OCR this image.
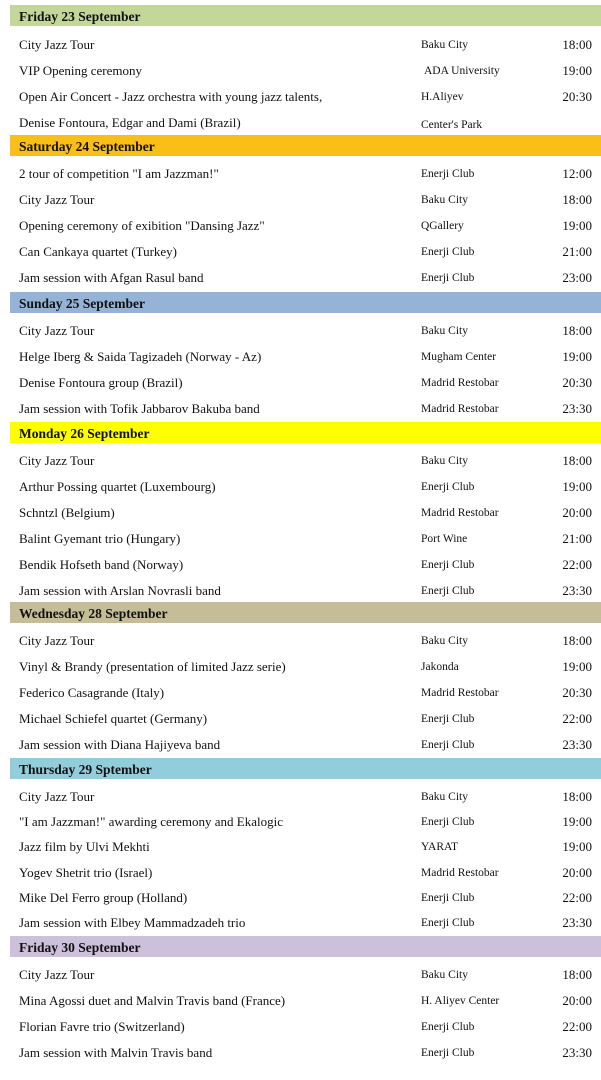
Friday 23 September
City Jazz Tour	Baku City	18:00
VIP Opening ceremony	ADA University	19:00
Open Air Concert - Jazz orchestra with young jazz talents,	H.Aliyev	20:30
Denise Fontoura, Edgar and Dami (Brazil)	Center's Park
Saturday 24 September
2 tour of competition "I am Jazzman!"	Enerji Club	12:00
City Jazz Tour	Baku City	18:00
Opening ceremony of exibition "Dansing Jazz"	QGallery	19:00
Can Cankaya quartet (Turkey)	Enerji Club	21:00
Jam session with Afgan Rasul band	Enerji Club	23:00
Sunday 25 September
City Jazz Tour	Baku City	18:00
Helge Iberg & Saida Tagizadeh (Norway - Az)	Mugham Center	19:00
Denise Fontoura group (Brazil)	Madrid Restobar	20:30
Jam session with Tofik Jabbarov Bakuba band	Madrid Restobar	23:30
Monday 26 September
City Jazz Tour	Baku City	18:00
Arthur Possing quartet (Luxembourg)	Enerji Club	19:00
Schntzl (Belgium)	Madrid Restobar	20:00
Balint Gyemant trio (Hungary)	Port Wine	21:00
Bendik Hofseth band (Norway)	Enerji Club	22:00
Jam session with Arslan Novrasli band	Enerji Club	23:30
Wednesday 28 September
City Jazz Tour	Baku City	18:00
Vinyl & Brandy (presentation of limited Jazz serie)	Jakonda	19:00
Federico Casagrande (Italy)	Madrid Restobar	20:30
Michael Schiefel quartet (Germany)	Enerji Club	22:00
Jam session with Diana Hajiyeva band	Enerji Club	23:30
Thursday 29 Sptember
City Jazz Tour	Baku City	18:00
"I am Jazzman!" awarding ceremony and Ekalogic	Enerji Club	19:00
Jazz film by Ulvi Mekhti	YARAT	19:00
Yogev Shetrit trio (Israel)	Madrid Restobar	20:00
Mike Del Ferro group (Holland)	Enerji Club	22:00
Jam session with Elbey Mammadzadeh trio	Enerji Club	23:30
Friday 30 September
City Jazz Tour	Baku City	18:00
Mina Agossi duet and Malvin Travis band (France)	H. Aliyev Center	20:00
Florian Favre trio (Switzerland)	Enerji Club	22:00
Jam session with Malvin Travis band	Enerji Club	23:30
